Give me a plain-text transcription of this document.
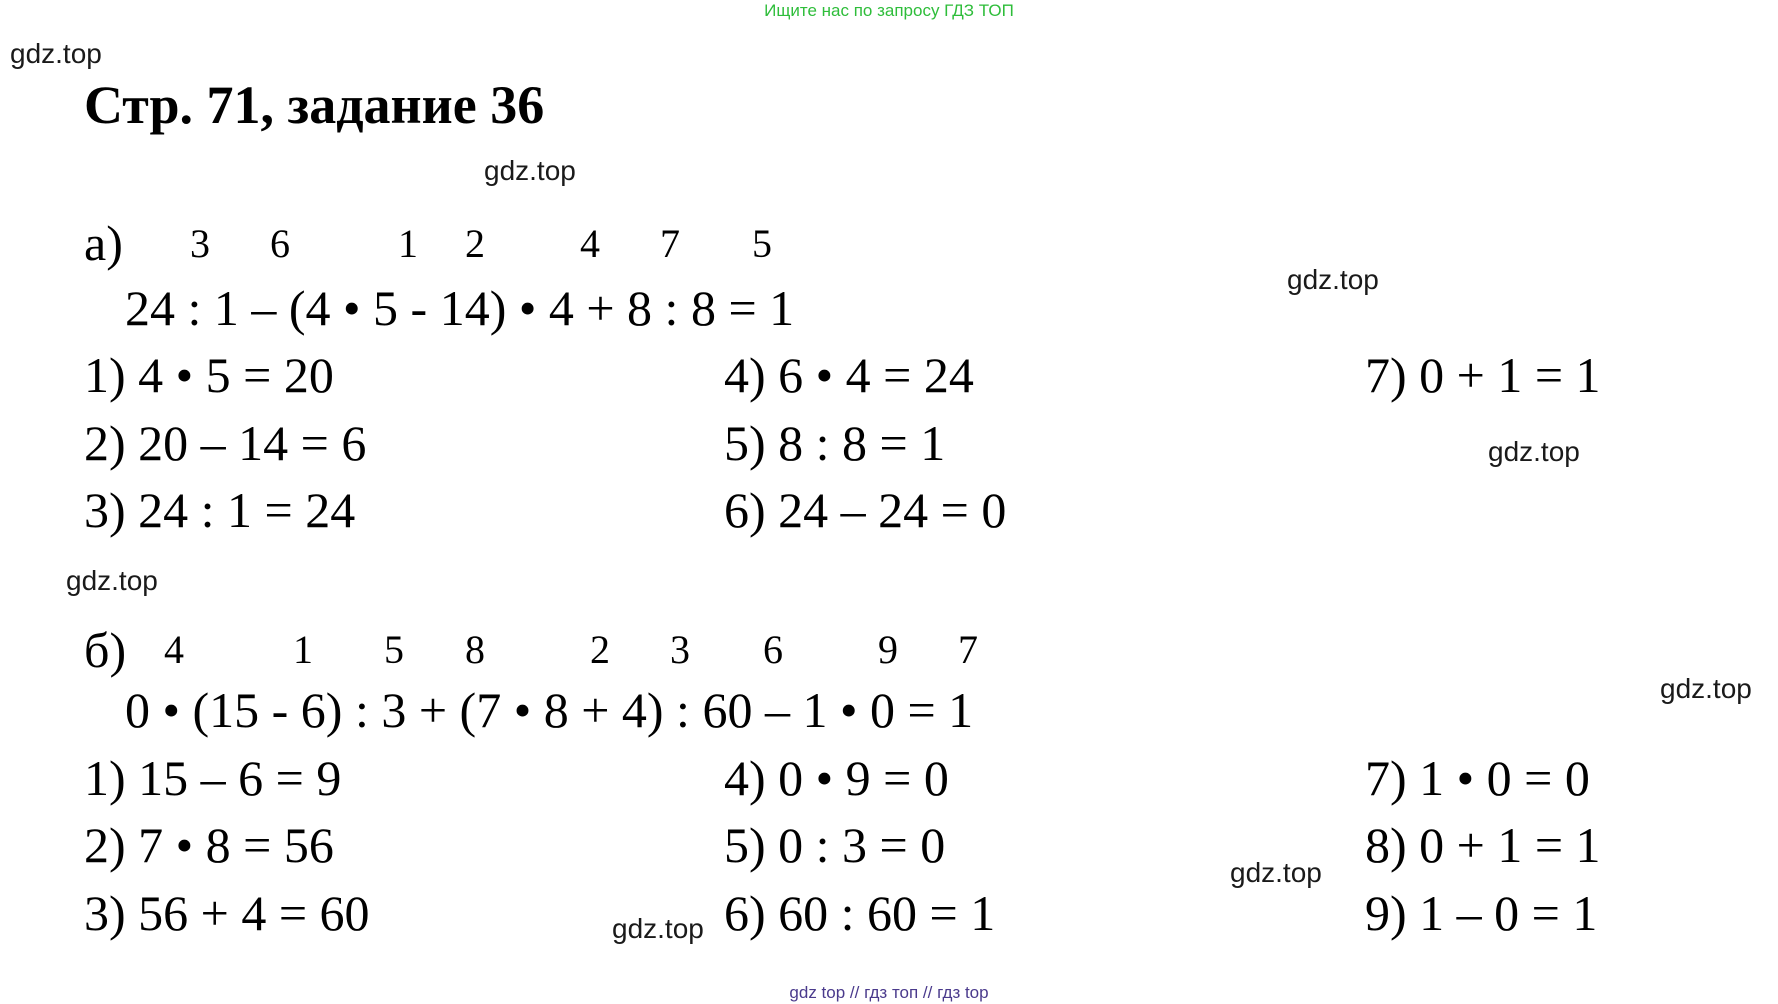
Ищите нас по запросу ГДЗ ТОП
gdz top // гдз топ // гдз top
gdz.top
gdz.top
gdz.top
gdz.top
gdz.top
gdz.top
gdz.top
gdz.top
Стр. 71, задание 36
а) 3 6	1 2 4 7 5
24 : 1 – (4 • 5 - 14) • 4 + 8 : 8 = 1
1) 4 • 5 = 20
2) 20 – 14 = 6
3) 24 : 1 = 24
4) 6 • 4 = 24
5) 8 : 8 = 1
6) 24 – 24 = 0
7) 0 + 1 = 1
б) 4	1 5 8	2 3 6 9 7
0 • (15 - 6) : 3 + (7 • 8 + 4) : 60 – 1 • 0 = 1
1) 15 – 6 = 9
2) 7 • 8 = 56
3) 56 + 4 = 60
4) 0 • 9 = 0
5) 0 : 3 = 0
6) 60 : 60 = 1
7) 1 • 0 = 0
8) 0 + 1 = 1
9) 1 – 0 = 1
